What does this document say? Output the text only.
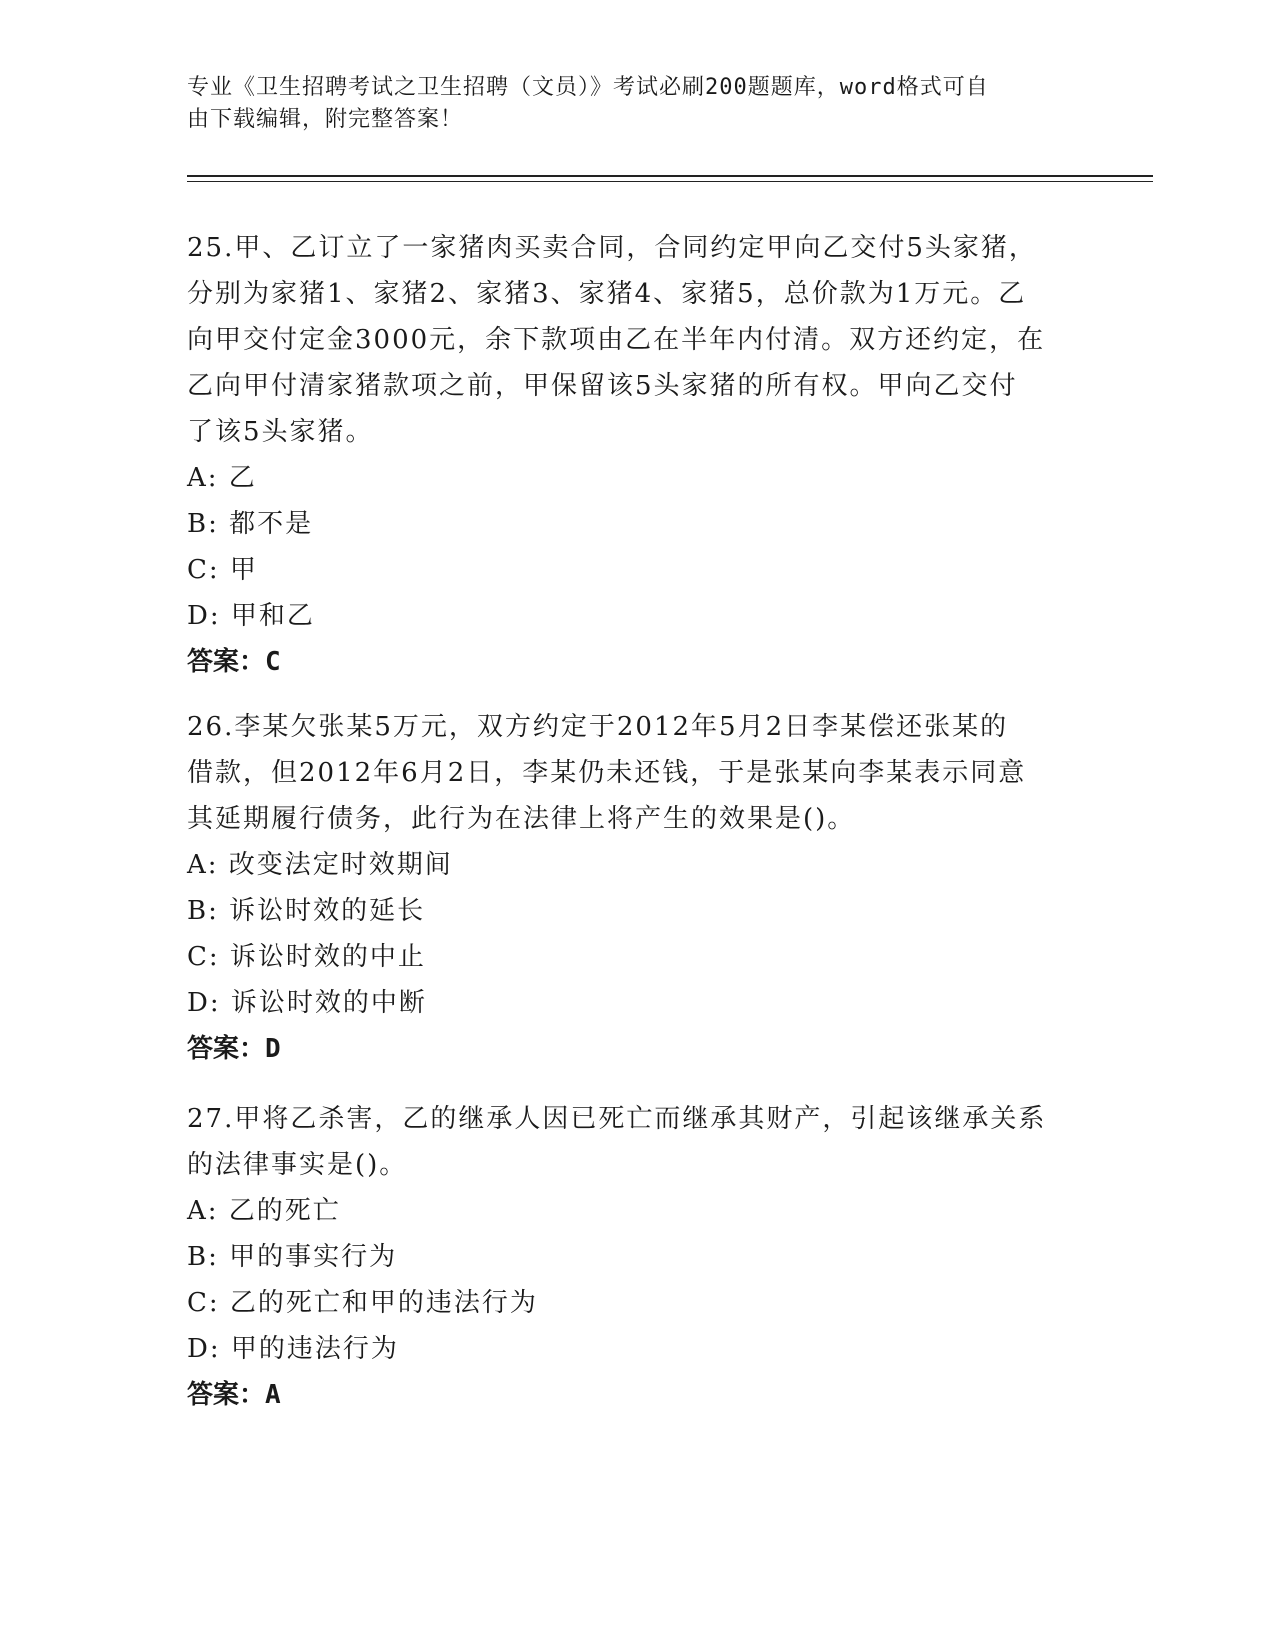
专业《卫生招聘考试之卫生招聘（文员）》考试必刷200题题库，word格式可自
由下载编辑，附完整答案！

25.甲、乙订立了一家猪肉买卖合同，合同约定甲向乙交付5头家猪，

分别为家猪1、家猪2、家猪3、家猪4、家猪5，总价款为1万元。乙

向甲交付定金3000元，余下款项由乙在半年内付清。双方还约定，在

乙向甲付清家猪款项之前，甲保留该5头家猪的所有权。甲向乙交付

了该5头家猪。

A: 乙

B: 都不是

C: 甲

D: 甲和乙

答案：C

26.李某欠张某5万元，双方约定于2012年5月2日李某偿还张某的

借款，但2012年6月2日，李某仍未还钱，于是张某向李某表示同意

其延期履行债务，此行为在法律上将产生的效果是()。

A: 改变法定时效期间

B: 诉讼时效的延长

C: 诉讼时效的中止

D: 诉讼时效的中断

答案：D

27.甲将乙杀害，乙的继承人因已死亡而继承其财产，引起该继承关系

的法律事实是()。

A: 乙的死亡

B: 甲的事实行为

C: 乙的死亡和甲的违法行为

D: 甲的违法行为

答案：A
